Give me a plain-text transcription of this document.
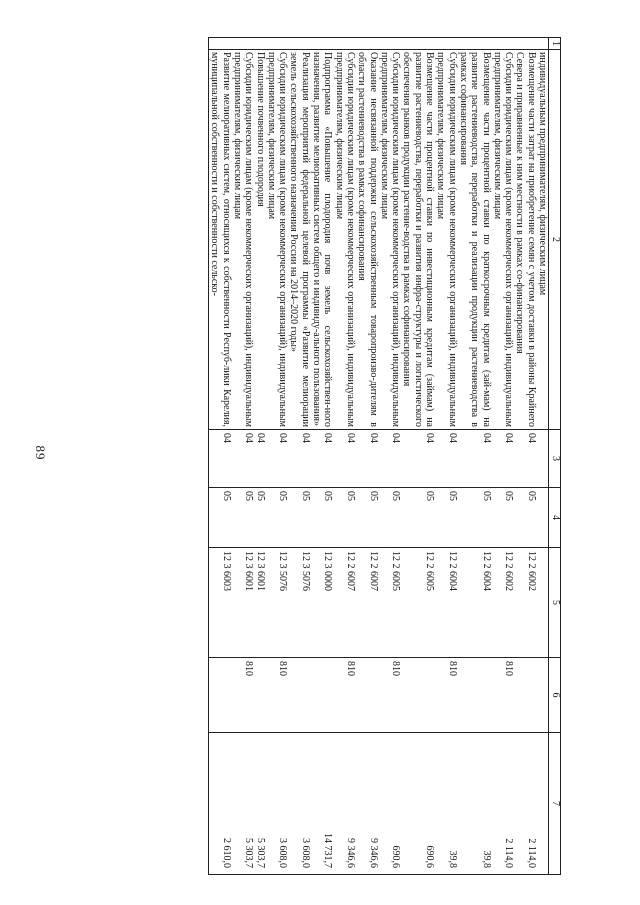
89
1	2	3	4	5	6	7
	индивидуальным предпринимателям, физическим лицам					
	Возмещение части затрат на приобретение семян с учетом доставки в районы Крайнего Севера и приравненные к ним местности в рамках со-финансирования	04	05	12 2 6002		2 114,0
	Субсидии юридическим лицам (кроме некоммерческих организаций), индивидуальным предпринимателям, физическим лицам	04	05	12 2 6002	810	2 114,0
	Возмещение части процентной ставки по краткосрочным кредитам (зай-мам) на развитие растениеводства, переработки и реализации продукции растениеводства в рамках софинансирования	04	05	12 2 6004		39,8
	Субсидии юридическим лицам (кроме некоммерческих организаций), индивидуальным предпринимателям, физическим лицам	04	05	12 2 6004	810	39,8
	Возмещение части процентной ставки по инвестиционным кредитам (займам) на развитие растениеводства, переработки и развития инфра-структуры и логистического обеспечения рынков продукции растение-водства в рамках софинансирования	04	05	12 2 6005		690,6
	Субсидии юридическим лицам (кроме некоммерческих организаций), индивидуальным предпринимателям, физическим лицам	04	05	12 2 6005	810	690,6
	Оказание несвязанной поддержки сельскохозяйственным товаропроизво-дителям в области растениеводства в рамках софинансирования	04	05	12 2 6007		9 346,6
	Субсидии юридическим лицам (кроме некоммерческих организаций), индивидуальным предпринимателям, физическим лицам	04	05	12 2 6007	810	9 346,6
	Подпрограмма «Повышение плодородия почв земель сельскохозяйствен-ного назначения, развитие мелиоративных систем общего и индивиду-ального пользования»	04	05	12 3 0000		14 731,7
	Реализация мероприятий федеральной целевой программы «Развитие мелиорации земель сельскохозяйственного назначения России на 2014–2020 годы»	04	05	12 3 5076		3 608,0
	Субсидии юридическим лицам (кроме некоммерческих организаций), индивидуальным предпринимателям, физическим лицам	04	05	12 3 5076	810	3 608,0
	Повышение почвенного плодородия	04	05	12 3 6001		5 303,7
	Субсидии юридическим лицам (кроме некоммерческих организаций), индивидуальным предпринимателям, физическим лицам	04	05	12 3 6001	810	5 303,7
	Развитие мелиоративных систем, относящихся к собственности Респуб-лики Карелия, муниципальной собственности и собственности сельско-	04	05	12 3 6003		2 610,0
